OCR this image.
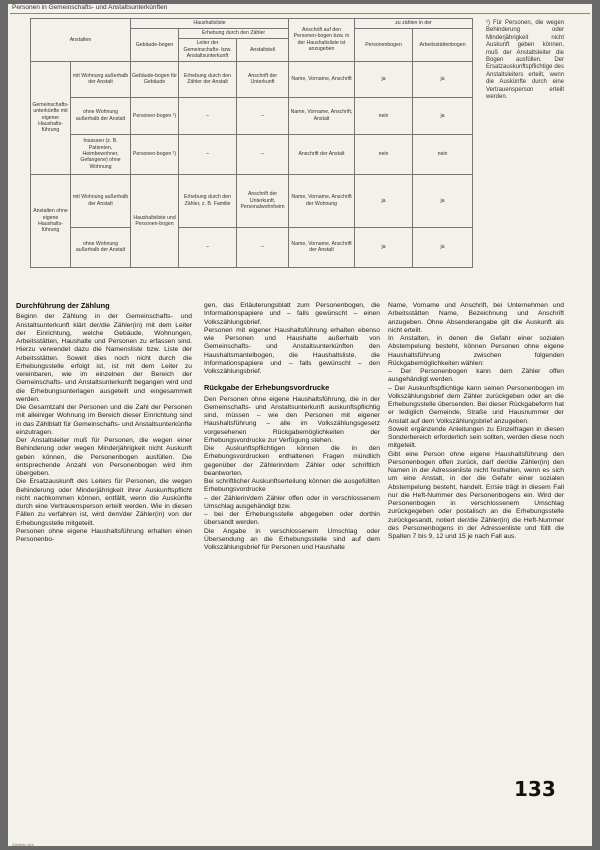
Personen in Gemeinschafts- und Anstaltsunterkünften
Anstalten		Haushaltsliste			Anschrift auf den Personen-bogen bzw. in der Haushaltsliste ist anzugeben	zu zählen in der	
		Gebäude-bogen	Erhebung durch den Zähler			Personenbogen	Arbeitsstättenbogen
			Leiter der Gemeinschafts- bzw. Anstaltsunterkunft	Anstaltsteil			
Gemeinschafts-unterkünfte mit eigener Haushalts-führung	mit Wohnung außerhalb der Anstalt	Gebäude-bogen für Gebäude	Erhebung durch den Zähler der Anstalt	Anschrift der Unterkunft	Name, Vorname, Anschrift	ja	ja
	ohne Wohnung außerhalb der Anstalt	Personen-bogen ¹)	–	–	Name, Vorname, Anschrift, Anstalt	nein	ja
	Insassen (z. B. Patienten, Heimbewohner, Gefangene) ohne Wohnung	Personen-bogen ¹)	–	–	Anschrift der Anstalt	nein	nein
Anstalten ohne eigene Haushalts-führung	mit Wohnung außerhalb der Anstalt	Haushaltsliste und Personen-bogen	Erhebung durch den Zähler, z. B. Familie	Anschrift der Unterkunft, Personalwohnheim	Name, Vorname, Anschrift der Wohnung	ja	ja
	ohne Wohnung außerhalb der Anstalt		–	–	Name, Vorname, Anschrift der Anstalt	ja	ja
¹) Für Personen, die wegen Behinderung oder Minderjährigkeit nicht Auskunft geben können, muß der Anstaltsleiter die Bogen ausfüllen. Der Ersatzauskunftspflichtige des Anstaltsleiters erteilt, wenn die Auskünfte durch eine Vertrauensperson erteilt werden.
Durchführung der Zählung

Beginn der Zählung in der Gemeinschafts- und Anstaltsunterkunft klärt der/die Zähler(in) mit dem Leiter der Einrichtung, welche Gebäude, Wohnungen, Arbeitsstätten, Haushalte und Personen zu erfassen sind. Hierzu verwendet dazu die Namensliste bzw. Liste der Arbeitsstätten. Soweit dies noch nicht durch die Erhebungsstelle erfolgt ist, ist mit dem Leiter zu vereinbaren, wie im einzelnen der Bereich der Gemeinschafts- und Anstaltsunterkunft begangen wird und die Erhebungsunterlagen ausgeteilt und eingesammelt werden.

Die Gesamtzahl der Personen und die Zahl der Personen mit alleiniger Wohnung im Bereich dieser Einrichtung sind in das Zählblatt für Gemeinschafts- und Anstaltsunterkünfte einzutragen.

Der Anstaltsleiter muß für Personen, die wegen einer Behinderung oder wegen Minderjährigkeit nicht Auskunft geben können, die Personenbogen ausfüllen. Die entsprechende Anzahl von Personenbogen wird ihm übergeben.

Die Ersatzauskunft des Leiters für Personen, die wegen Behinderung oder Minderjährigkeit ihrer Auskunftspflicht nicht nachkommen können, entfällt, wenn die Auskünfte durch eine Vertrauensperson erteilt werden. Wie in diesen Fällen zu verfahren ist, wird dem/der Zähler(in) von der Erhebungsstelle mitgeteilt.

Personen ohne eigene Haushaltsführung erhalten einen Personenbo-

gen, das Erläuterungsblatt zum Personenbogen, die Informationspapiere und – falls gewünscht – einen Volkszählungsbrief.

Personen mit eigener Haushaltsführung erhalten ebenso wie Personen und Haushalte außerhalb von Gemeinschafts- und Anstaltsunterkünften den Haushaltsmantelbogen, die Haushaltsliste, die Informationspapiere und – falls gewünscht – den Volkszählungsbrief.

Rückgabe der Erhebungsvordrucke

Den Personen ohne eigene Haushaltsführung, die in der Gemeinschafts- und Anstaltsunterkunft auskunftspflichtig sind, müssen – wie den Personen mit eigener Haushaltsführung – alle im Volkszählungsgesetz vorgesehenen Rückgabemöglichkeiten der Erhebungsvordrucke zur Verfügung stehen.

Die Auskunftspflichtigen können die in den Erhebungsvordrucken enthaltenen Fragen mündlich gegenüber der Zählerin/dem Zähler oder schriftlich beantworten.

Bei schriftlicher Auskunftserteilung können die ausgefüllten Erhebungsvordrucke

– der Zählerin/dem Zähler offen oder in verschlossenem Umschlag ausgehändigt bzw.

– bei der Erhebungsstelle abgegeben oder dorthin übersandt werden.

Die Angabe in verschlossenem Umschlag oder Übersendung an die Erhebungsstelle sind auf dem Volkszählungsbrief für Personen und Haushalte

Name, Vorname und Anschrift, bei Unternehmen und Arbeitsstätten Name, Bezeichnung und Anschrift anzugeben. Ohne Absenderangabe gilt die Auskunft als nicht erteilt.

In Anstalten, in denen die Gefahr einer sozialen Abstempelung besteht, können Personen ohne eigene Haushaltsführung zwischen folgenden Rückgabemöglichkeiten wählen:

– Der Personenbogen kann dem Zähler offen ausgehändigt werden.

– Der Auskunftspflichtige kann seinen Personenbogen im Volkszählungsbrief dem Zähler zurückgeben oder an die Erhebungsstelle übersenden. Bei dieser Rückgabeform hat er lediglich Gemeinde, Straße und Hausnummer der Anstalt auf dem Volkszählungsbrief anzugeben.

Soweit ergänzende Anleitungen zu Einzelfragen in diesen Sonderbereich erforderlich sein sollten, werden diese noch mitgeteilt.

Gibt eine Person ohne eigene Haushaltsführung den Personenbogen offen zurück, darf der/die Zähler(in) den Namen in der Adressenliste nicht festhalten, wenn es sich um eine Anstalt, in der die Gefahr einer sozialen Abstempelung besteht, handelt. Er/sie trägt in diesem Fall nur die Heft-Nummer des Personenbogens ein. Wird der Personenbogen in verschlossenem Umschlag zurückgegeben oder postalisch an die Erhebungsstelle zurückgesandt, notiert der/die Zähler(in) die Heft-Nummer des Personenbogens in der Adressenliste und füllt die Spalten 7 bis 9, 12 und 15 je nach Fall aus.

133
Zählerin-Anl
